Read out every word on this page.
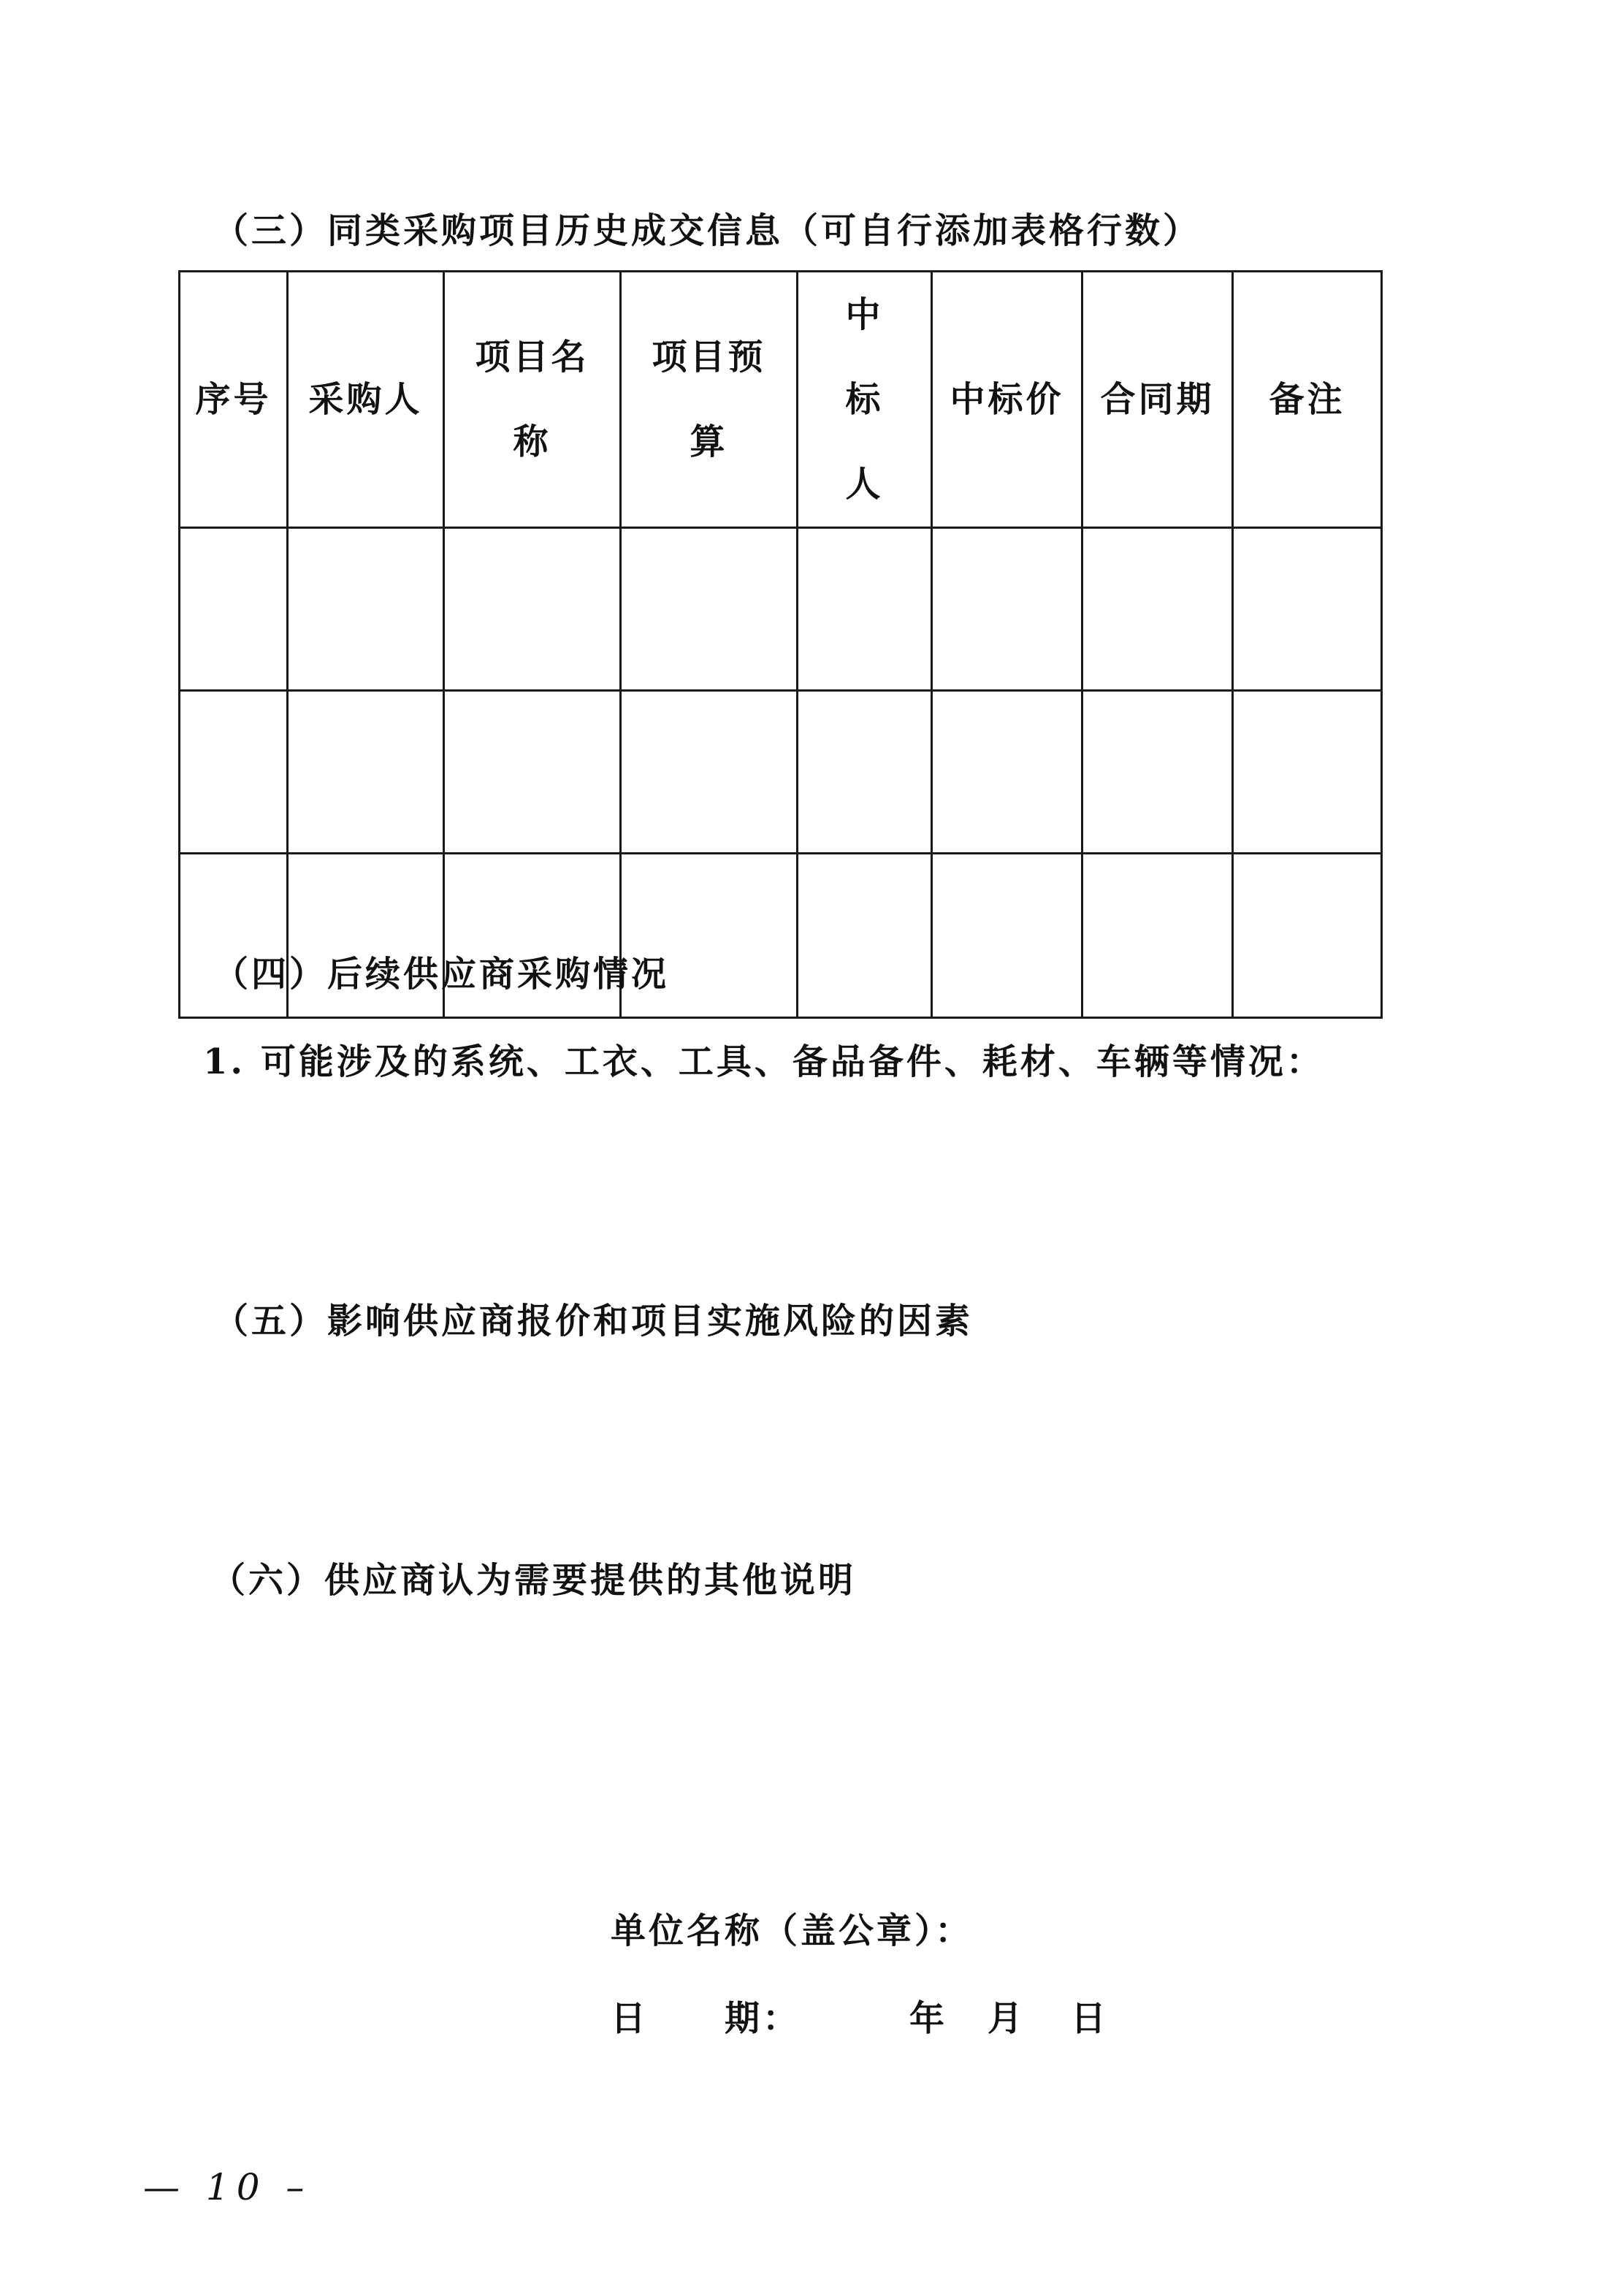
（三）同类采购项目历史成交信息（可自行添加表格行数）
序号	采购人	项目名称	项目预算	中标人	中标价	合同期	备注

（四）后续供应商采购情况
1. 可能涉及的系统、工衣、工具、备品备件、耗材、车辆等情况：
（五）影响供应商报价和项目实施风险的因素
（六）供应商认为需要提供的其他说明
单位名称（盖公章）：
日　　期：	年 月 日
— 10 –
